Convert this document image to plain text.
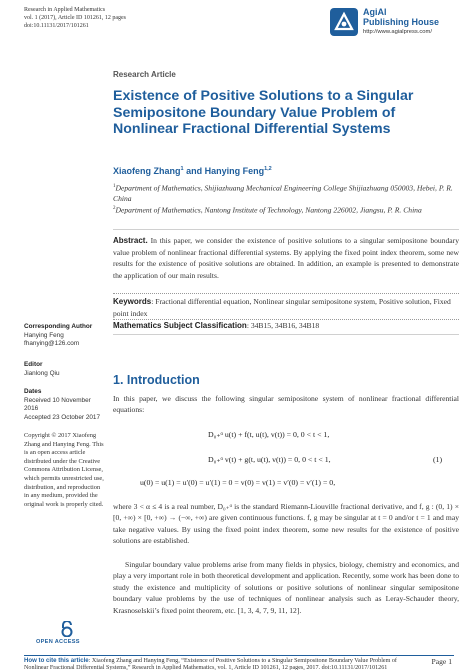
Research in Applied Mathematics
vol. 1 (2017), Article ID 101261, 12 pages
doi:10.11131/2017/101261
AgiAl
Publishing House
http://www.agialpress.com/
Research Article
Existence of Positive Solutions to a Singular Semipositone Boundary Value Problem of Nonlinear Fractional Differential Systems
Xiaofeng Zhang$^1$ and Hanying Feng$^{1,2}$
$^1$Department of Mathematics, Shijiazhuang Mechanical Engineering College Shijiazhuang 050003, Hebei, P. R. China
$^2$Department of Mathematics, Nantong Institute of Technology, Nantong 226002, Jiangsu, P. R. China
Abstract. In this paper, we consider the existence of positive solutions to a singular semipositone boundary value problem of nonlinear fractional differential systems. By applying the fixed point index theorem, some new results for the existence of positive solutions are obtained. In addition, an example is presented to demonstrate the application of our main results.
Keywords: Fractional differential equation, Nonlinear singular semipositone system, Positive solution, Fixed point index
Mathematics Subject Classification: 34B15, 34B16, 34B18
Corresponding Author
Hanying Feng
fhanying@126.com
Editor
Jianlong Qiu
Dates
Received 10 November 2016
Accepted 23 October 2017
Copyright © 2017 Xiaofeng Zhang and Hanying Feng. This is an open access article distributed under the Creative Commons Attribution License, which permits unrestricted use, distribution, and reproduction in any medium, provided the original work is properly cited.
1. Introduction
In this paper, we discuss the following singular semipositone system of nonlinear fractional differential equations:
D₀₊ᵅ u(t) + f(t, u(t), v(t)) = 0, 0 < t < 1,
D₀₊ᵅ v(t) + g(t, u(t), v(t)) = 0, 0 < t < 1,	(1)
u(0) = u(1) = u′(0) = u′(1) = 0 = v(0) = v(1) = v′(0) = v′(1) = 0,
where 3 < α ≤ 4 is a real number, D₀₊ᵅ is the standard Riemann-Liouville fractional derivative, and f, g : (0, 1) × [0, +∞) × [0, +∞) → (−∞, +∞) are given continuous functions. f, g may be singular at t = 0 and/or t = 1 and may take negative values. By using the fixed point index theorem, some new results for the existence of positive solutions are established.
Singular boundary value problems arise from many fields in physics, biology, chemistry and economics, and play a very important role in both theoretical development and application. Recently, some work has been done to study the existence and multiplicity of solutions or positive solutions of nonlinear singular semipositone boundary value problems by the use of techniques of nonlinear analysis such as Leray-Schauder theory, Krasnoselskii’s fixed point theorem, etc. [1, 3, 4, 7, 9, 11, 12].
OPEN ACCESS
How to cite this article: Xiaofeng Zhang and Hanying Feng, “Existence of Positive Solutions to a Singular Semipositone Boundary Value Problem of Nonlinear Fractional Differential Systems,” Research in Applied Mathematics, vol. 1, Article ID 101261, 12 pages, 2017. doi:10.11131/2017/101261
Page 1
